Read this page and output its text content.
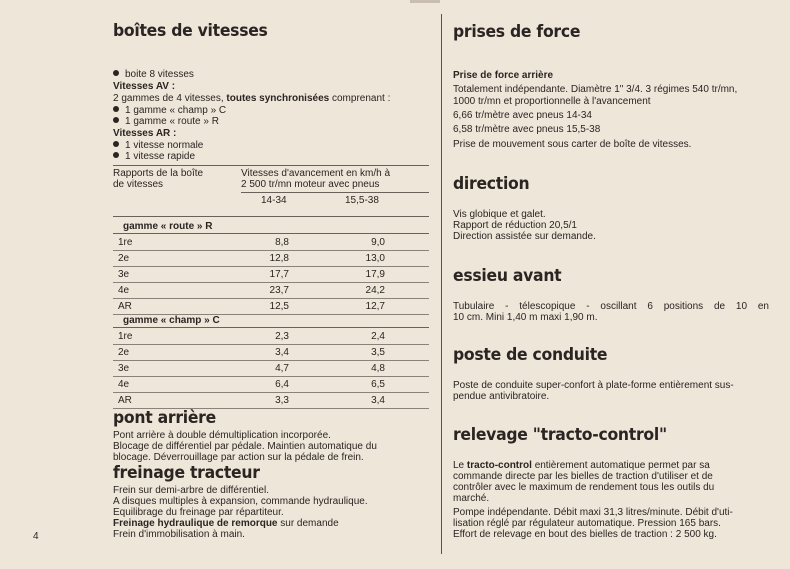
boîtes de vitesses
boite 8 vitesses
Vitesses AV :
2 gammes de 4 vitesses, toutes synchronisées comprenant :
1 gamme « champ » C
1 gamme « route » R
Vitesses AR :
1 vitesse normale
1 vitesse rapide
Rapports de la boîte
de vitesses
Vitesses d'avancement en km/h à
2 500 tr/mn moteur avec pneus
14-34	15,5-38
gamme « route » R
1re	8,8	9,0
2e	12,8	13,0
3e	17,7	17,9
4e	23,7	24,2
AR	12,5	12,7
gamme « champ » C
1re	2,3	2,4
2e	3,4	3,5
3e	4,7	4,8
4e	6,4	6,5
AR	3,3	3,4
pont arrière
Pont arrière à double démultiplication incorporée.
Blocage de différentiel par pédale. Maintien automatique du
blocage. Déverrouillage par action sur la pédale de frein.
freinage tracteur
Frein sur demi-arbre de différentiel.
A disques multiples à expansion, commande hydraulique.
Equilibrage du freinage par répartiteur.
Freinage hydraulique de remorque sur demande
Frein d'immobilisation à main.
4
prises de force
Prise de force arrière
Totalement indépendante. Diamètre 1" 3/4. 3 régimes 540 tr/mn,
1000 tr/mn et proportionnelle à l'avancement
6,66 tr/mètre avec pneus 14-34
6,58 tr/mètre avec pneus 15,5-38
Prise de mouvement sous carter de boîte de vitesses.
direction
Vis globique et galet.
Rapport de réduction 20,5/1
Direction assistée sur demande.
essieu avant
Tubulaire - télescopique - oscillant 6 positions de 10 en
10 cm. Mini 1,40 m maxi 1,90 m.
poste de conduite
Poste de conduite super-confort à plate-forme entièrement sus-
pendue antivibratoire.
relevage "tracto-control"
Le tracto-control entièrement automatique permet par sa
commande directe par les bielles de traction d'utiliser et de
contrôler avec le maximum de rendement tous les outils du
marché.
Pompe indépendante. Débit maxi 31,3 litres/minute. Débit d'uti-
lisation réglé par régulateur automatique. Pression 165 bars.
Effort de relevage en bout des bielles de traction : 2 500 kg.
